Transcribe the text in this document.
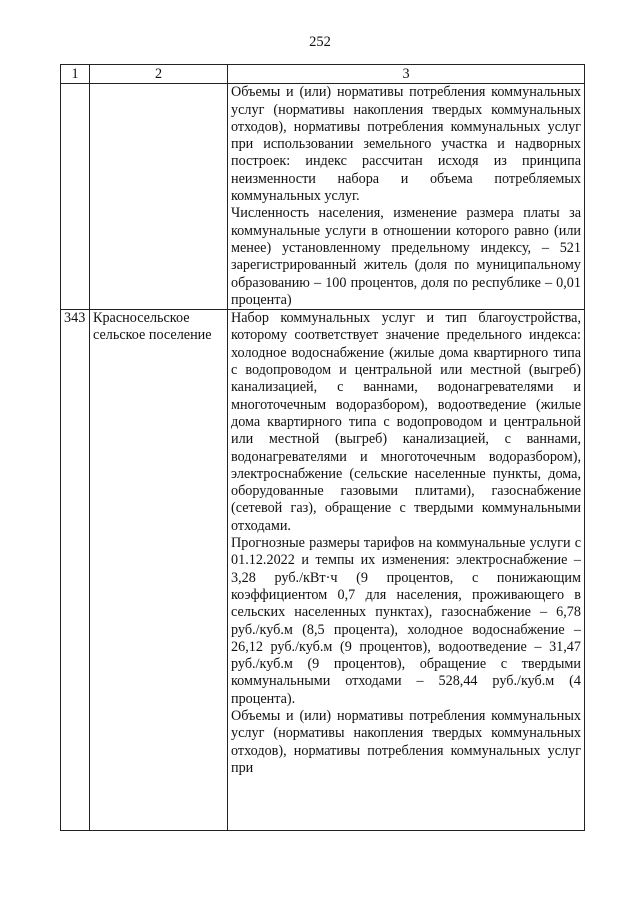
252
1	2	3

		Объемы и (или) нормативы потребления коммунальных услуг (нормативы накопления твердых коммунальных отходов), нормативы потребления коммунальных услуг при использовании земельного участка и надворных построек: индекс рассчитан исходя из принципа неизменности набора и объема потребляемых коммунальных услуг.

Численность населения, изменение размера платы за коммунальные услуги в отношении которого равно (или менее) установленному предельному индексу, – 521 зарегистрированный житель (доля по муниципальному образованию – 100 процентов, доля по республике – 0,01 процента)

343	Красносельское сельское поселение	Набор коммунальных услуг и тип благоустройства, которому соответствует значение предельного индекса: холодное водоснабжение (жилые дома квартирного типа с водопроводом и центральной или местной (выгреб) канализацией, с ваннами, водонагревателями и многоточечным водоразбором), водоотведение (жилые дома квартирного типа с водопроводом и центральной или местной (выгреб) канализацией, с ваннами, водонагревателями и многоточечным водоразбором), электроснабжение (сельские населенные пункты, дома, оборудованные газовыми плитами), газоснабжение (сетевой газ), обращение с твердыми коммунальными отходами.

Прогнозные размеры тарифов на коммунальные услуги с 01.12.2022 и темпы их изменения: электроснабжение – 3,28 руб./кВт·ч (9 процентов, с понижающим коэффициентом 0,7 для населения, проживающего в сельских населенных пунктах), газоснабжение – 6,78 руб./куб.м (8,5 процента), холодное водоснабжение – 26,12 руб./куб.м (9 процентов), водоотведение – 31,47 руб./куб.м (9 процентов), обращение с твердыми коммунальными отходами – 528,44 руб./куб.м (4 процента).

Объемы и (или) нормативы потребления коммунальных услуг (нормативы накопления твердых коммунальных отходов), нормативы потребления коммунальных услуг при
